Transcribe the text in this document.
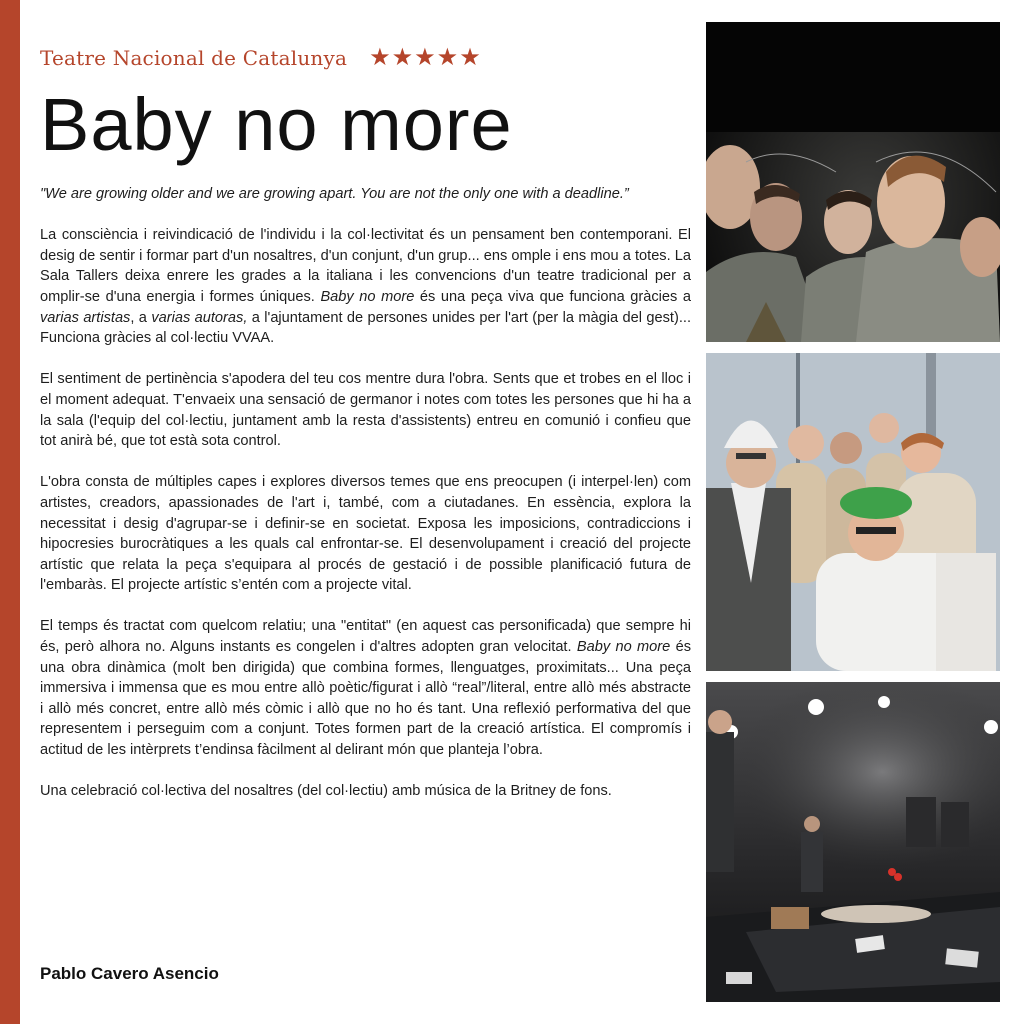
Teatre Nacional de Catalunya ★★★★★
Baby no more

"We are growing older and we are growing apart. You are not the only one with a deadline.”

La consciència i reivindicació de l'individu i la col·lectivitat és un pensament ben contemporani. El desig de sentir i formar part d'un nosaltres, d'un conjunt, d'un grup... ens omple i ens mou a totes. La Sala Tallers deixa enrere les grades a la italiana i les convencions d'un teatre tradicional per a omplir-se d'una energia i formes úniques. Baby no more és una peça viva que funciona gràcies a varias artistas, a varias autoras, a l'ajuntament de persones unides per l'art (per la màgia del gest)... Funciona gràcies al col·lectiu VVAA.

El sentiment de pertinència s'apodera del teu cos mentre dura l'obra. Sents que et trobes en el lloc i el moment adequat. T'envaeix una sensació de germanor i notes com totes les persones que hi ha a la sala (l'equip del col·lectiu, juntament amb la resta d'assistents) entreu en comunió i confieu que tot anirà bé, que tot està sota control.

L'obra consta de múltiples capes i explores diversos temes que ens preocupen (i interpel·len) com artistes, creadors, apassionades de l'art i, també, com a ciutadanes. En essència, explora la necessitat i desig d'agrupar-se i definir-se en societat. Exposa les imposicions, contradiccions i hipocresies burocràtiques a les quals cal enfrontar-se. El desenvolupament i creació del projecte artístic que relata la peça s'equipara al procés de gestació i de possible planificació futura de l'embaràs. El projecte artístic s’entén com a projecte vital.

El temps és tractat com quelcom relatiu; una "entitat" (en aquest cas personificada) que sempre hi és, però alhora no. Alguns instants es congelen i d'altres adopten gran velocitat. Baby no more és una obra dinàmica (molt ben dirigida) que combina formes, llenguatges, proximitats... Una peça immersiva i immensa que es mou entre allò poètic/figurat i allò “real”/literal, entre allò més abstracte i allò més concret, entre allò més còmic i allò que no ho és tant. Una reflexió performativa del que representem i perseguim com a conjunt. Totes formen part de la creació artística. El compromís i actitud de les intèrprets t’endinsa fàcilment al delirant món que planteja l’obra.

Una celebració col·lectiva del nosaltres (del col·lectiu) amb música de la Britney de fons.

Pablo Cavero Asencio
